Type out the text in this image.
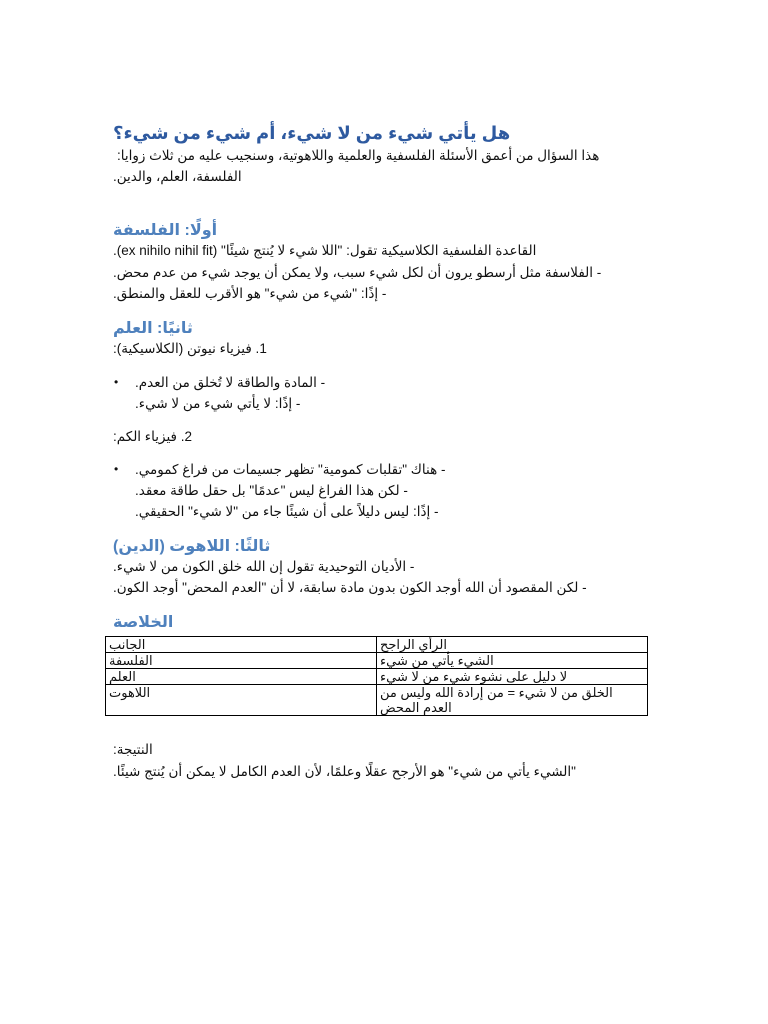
هل يأتي شيء من لا شيء، أم شيء من شيء؟
هذا السؤال من أعمق الأسئلة الفلسفية والعلمية واللاهوتية، وسنجيب عليه من ثلاث زوايا:
الفلسفة، العلم، والدين.
أولًا: الفلسفة
القاعدة الفلسفية الكلاسيكية تقول: "اللا شيء لا يُنتج شيئًا" (ex nihilo nihil fit).
- الفلاسفة مثل أرسطو يرون أن لكل شيء سبب، ولا يمكن أن يوجد شيء من عدم محض.
- إذًا: "شيء من شيء" هو الأقرب للعقل والمنطق.
ثانيًا: العلم
1. فيزياء نيوتن (الكلاسيكية):
• - المادة والطاقة لا تُخلق من العدم.
- إذًا: لا يأتي شيء من لا شيء.
2. فيزياء الكم:
• - هناك "تقلبات كمومية" تظهر جسيمات من فراغ كمومي.
- لكن هذا الفراغ ليس "عدمًا" بل حقل طاقة معقد.
- إذًا: ليس دليلاً على أن شيئًا جاء من "لا شيء" الحقيقي.
ثالثًا: اللاهوت (الدين)
- الأديان التوحيدية تقول إن الله خلق الكون من لا شيء.
- لكن المقصود أن الله أوجد الكون بدون مادة سابقة، لا أن "العدم المحض" أوجد الكون.
الخلاصة
الجانب	الرأي الراجح
الفلسفة	الشيء يأتي من شيء
العلم	لا دليل على نشوء شيء من لا شيء
اللاهوت	الخلق من لا شيء = من إرادة الله وليس من العدم المحض
النتيجة:
"الشيء يأتي من شيء" هو الأرجح عقلًا وعلمًا، لأن العدم الكامل لا يمكن أن يُنتج شيئًا.
